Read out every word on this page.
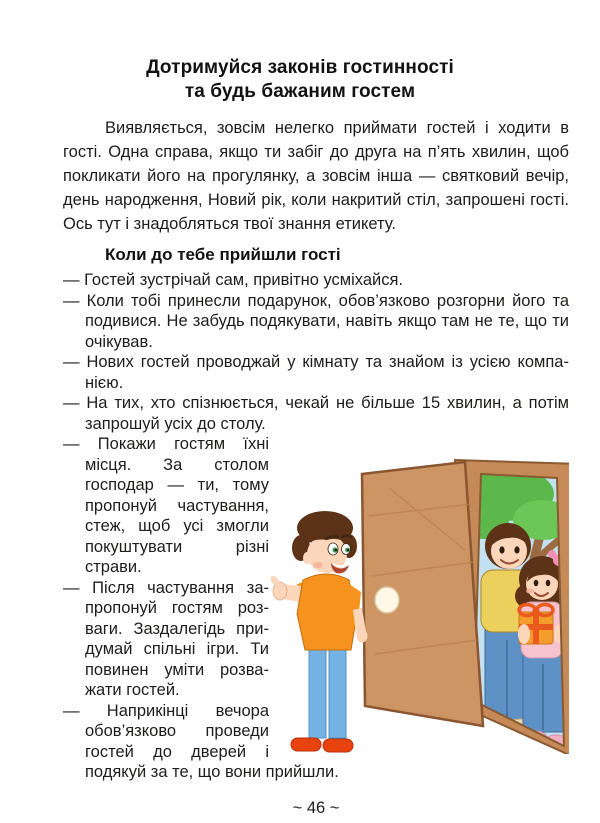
Дотримуйся законів гостинності
та будь бажаним гостем

Виявляється, зовсім нелегко приймати гостей і ходити в гості. Одна справа, якщо ти забіг до друга на п’ять хвилин, щоб покликати його на прогулянку, а зовсім інша — святковий вечір, день народження, Новий рік, коли накритий стіл, запрошені гості. Ось тут і знадобляться твої знання етикету.

Коли до тебе прийшли гості

— Гостей зустрічай сам, привітно усміхайся.

— Коли тобі принесли подарунок, обов’язково розгорни його та подивися. Не забудь подякувати, навіть якщо там не те, що ти очікував.

— Нових гостей проводжай у кімнату та знайом із усією компанією.

— На тих, хто спізнюється, чекай не більше 15 хвилин, а потім запрошуй усіх до столу.

— Покажи гостям їхні місця. За столом господар — ти, тому пропонуй частування, стеж, щоб усі змогли покуштувати різні страви.

— Після частування запропонуй гостям розваги. Заздалегідь придумай спільні ігри. Ти повинен уміти розважати гостей.

— Наприкінці вечора обов’язково проведи гостей до дверей і подякуй за те, що вони прийшли.

~ 46 ~
